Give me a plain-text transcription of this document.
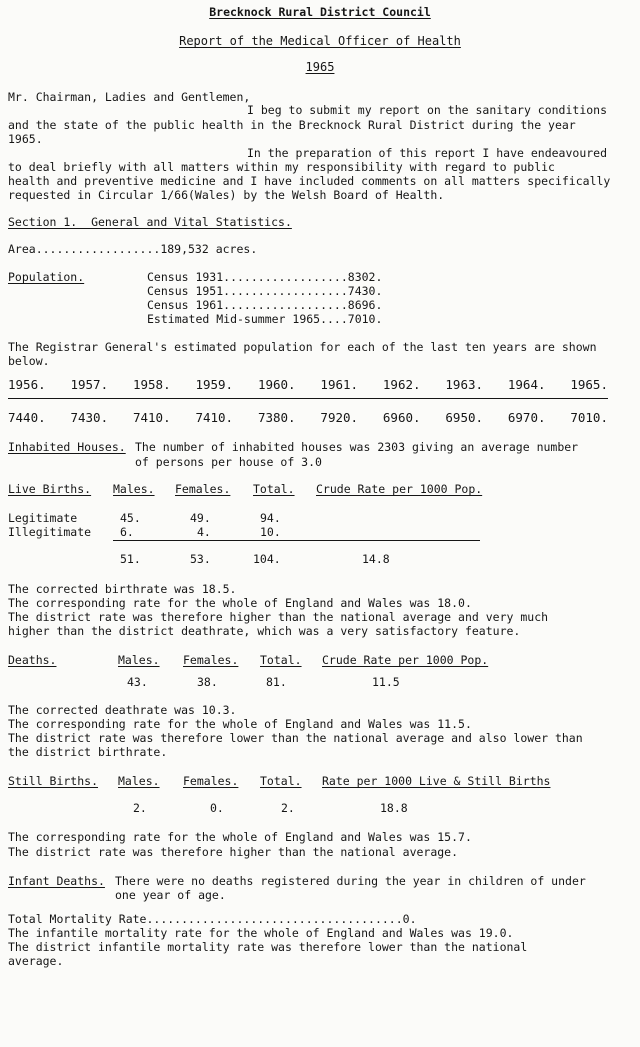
Brecknock Rural District Council
Report of the Medical Officer of Health
1965
Mr. Chairman, Ladies and Gentlemen,
I beg to submit my report on the sanitary conditions
and the state of the public health in the Brecknock Rural District during the year
1965.
In the preparation of this report I have endeavoured
to deal briefly with all matters within my responsibility with regard to public
health and preventive medicine and I have included comments on all matters specifically
requested in Circular 1/66(Wales) by the Welsh Board of Health.
Section 1.  General and Vital Statistics.
Area..................189,532 acres.
Population.	Census 1931..................8302.
Census 1951..................7430.
Census 1961..................8696.
Estimated Mid-summer 1965....7010.
The Registrar General's estimated population for each of the last ten years are shown
below.
1956. 1957. 1958. 1959. 1960. 1961. 1962. 1963. 1964. 1965.
7440. 7430. 7410. 7410. 7380. 7920. 6960. 6950. 6970. 7010.
Inhabited Houses. The number of inhabited houses was 2303 giving an average number
of persons per house of 3.0
Live Births. Males. Females. Total. Crude Rate per 1000 Pop.
Legitimate	45.	49.	94.
Illegitimate	6.	4.	10.
51.	53.	104.	14.8
The corrected birthrate was 18.5.
The corresponding rate for the whole of England and Wales was 18.0.
The district rate was therefore higher than the national average and very much
higher than the district deathrate, which was a very satisfactory feature.
Deaths.	Males. Females. Total. Crude Rate per 1000 Pop.
43.	38.	81.	11.5
The corrected deathrate was 10.3.
The corresponding rate for the whole of England and Wales was 11.5.
The district rate was therefore lower than the national average and also lower than
the district birthrate.
Still Births. Males. Females. Total. Rate per 1000 Live & Still Births
2.	0.	2.	18.8
The corresponding rate for the whole of England and Wales was 15.7.
The district rate was therefore higher than the national average.
Infant Deaths. There were no deaths registered during the year in children of under
one year of age.
Total Mortality Rate.....................................0.
The infantile mortality rate for the whole of England and Wales was 19.0.
The district infantile mortality rate was therefore lower than the national
average.
